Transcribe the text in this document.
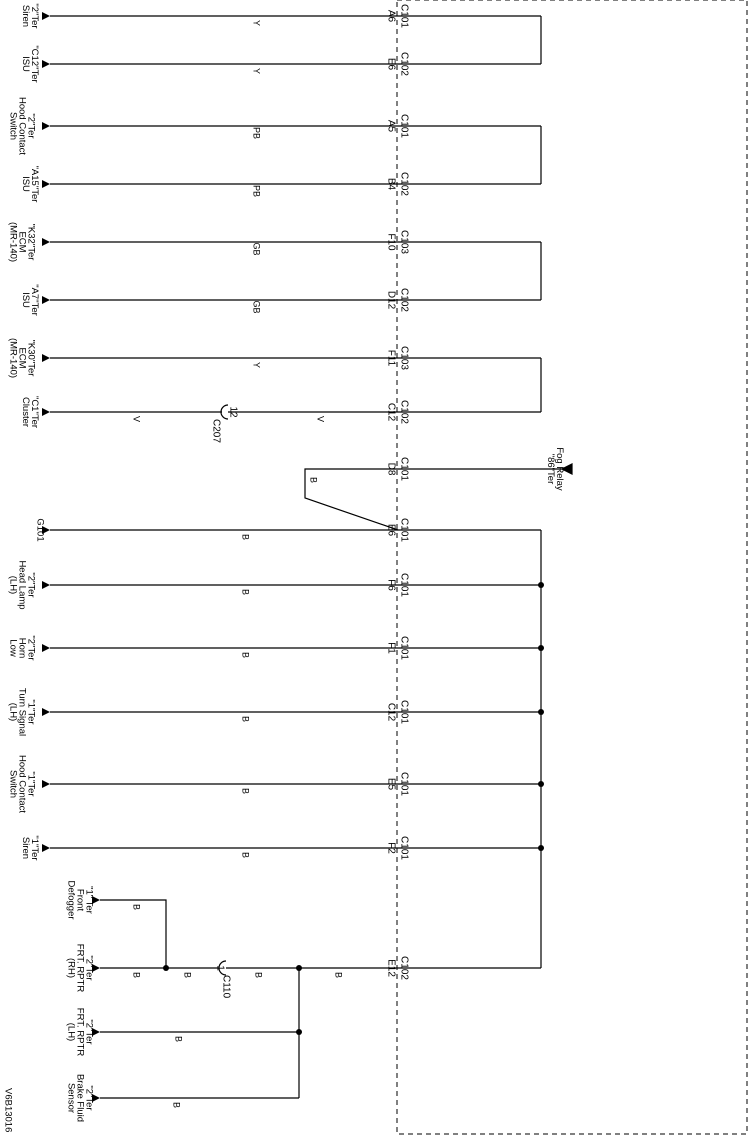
C101
A6
C102
E6
Y
Y
C101
A5
C102
B4
PB
PB
C103
F10
C102
D12
GB
GB
C103
F11
C102
C12
Y
"2"Ter
Siren
"C12"Ter
ISU
"2"Ter
Hood Contact
Switch
"A15"Ter
ISU
"K32"Ter
ECM
(MR-140)
"A7"Ter
ISU
"K30"Ter
ECM
(MR-140)
"C1"Ter
Cluster	12
C207	V
V
C101
D8
B	Fog Relay
"86"Ter
C101
E6
B
C101
F6
B
C101
F1
B
C101
C12
B
C101
E5
B
C101
F2
B
G101
"2"Ter
Head Lamp
(LH)
"2"Ter
Horn
Low
"1"Ter
Turn Signal
(LH)
"1"Ter
Hood Contact
Switch
"1"Ter
Siren
1
C110
C102
E12
B
B
B
B
B
B
B
"1" Ter
Front
Defogger
"2"Ter
FRT. RPTR
(RH)
"2"Ter
FRT. RPTR
(LH)
"2"Ter
Brake Fluid
Sensor
V6B13016
